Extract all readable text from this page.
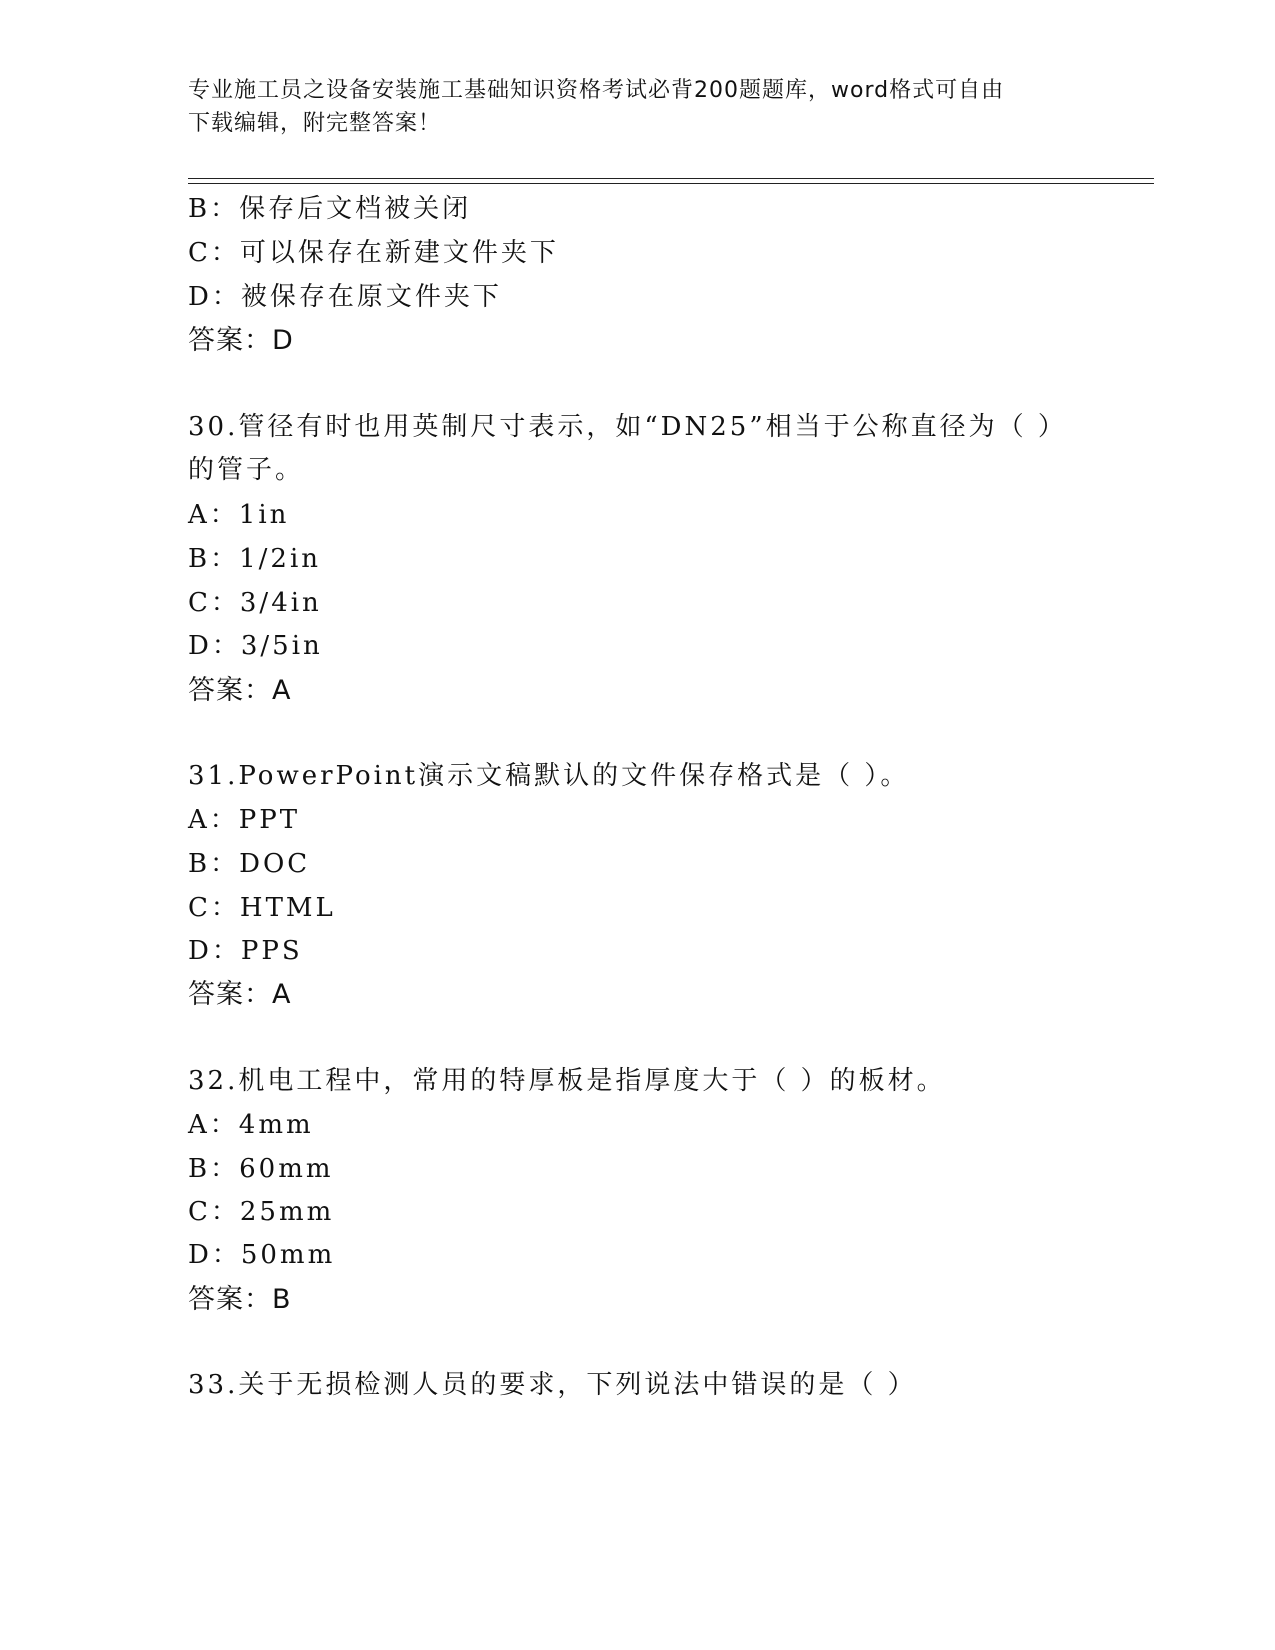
专业施工员之设备安装施工基础知识资格考试必背200题题库，word格式可自由
下载编辑，附完整答案！
B：保存后文档被关闭
C：可以保存在新建文件夹下
D：被保存在原文件夹下
答案：D
30.管径有时也用英制尺寸表示，如“DN25”相当于公称直径为（ ）
的管子。
A：1in
B：1/2in
C：3/4in
D：3/5in
答案：A
31.PowerPoint演示文稿默认的文件保存格式是（ ）。
A：PPT
B：DOC
C：HTML
D：PPS
答案：A
32.机电工程中，常用的特厚板是指厚度大于（ ）的板材。
A：4mm
B：60mm
C：25mm
D：50mm
答案：B
33.关于无损检测人员的要求，下列说法中错误的是（ ）
